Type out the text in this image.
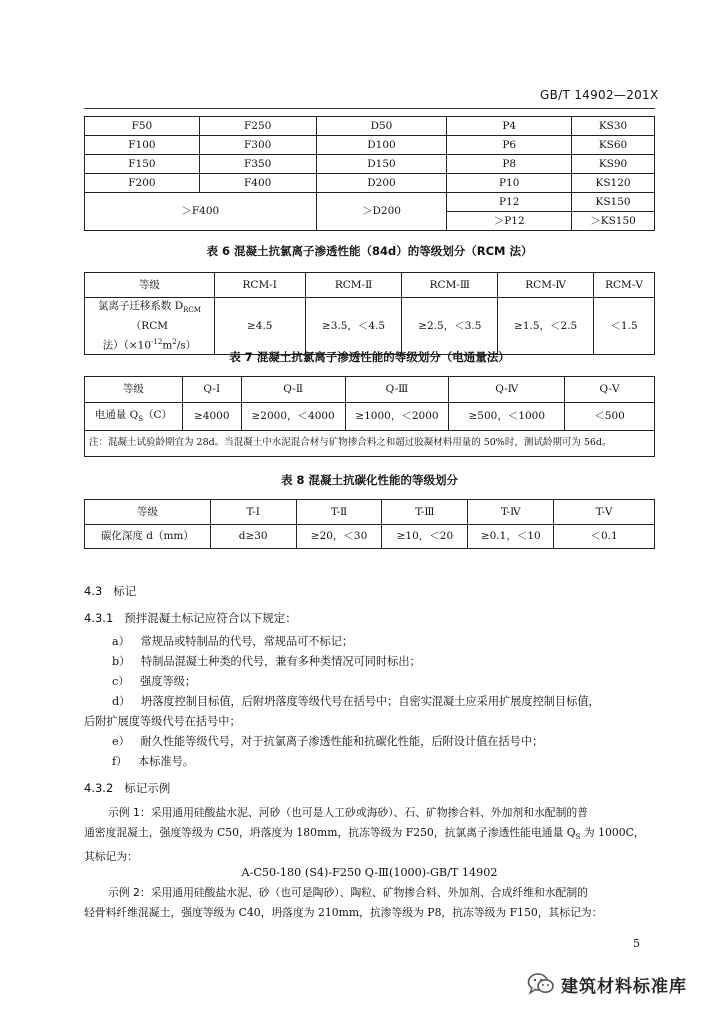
GB/T 14902—201X
F50	F250	D50	P4	KS30
F100	F300	D100	P6	KS60
F150	F350	D150	P8	KS90
F200	F400	D200	P10	KS120
＞F400		＞D200	P12	KS150
			＞P12	＞KS150
表 6 混凝土抗氯离子渗透性能（84d）的等级划分（RCM 法）
等级	RCM-Ⅰ	RCM-Ⅱ	RCM-Ⅲ	RCM-Ⅳ	RCM-Ⅴ
氯离子迁移系数 $D_{RCM}(RCM$
法）$(\times 10^{-12}m^2/s)$	≥4.5	≥3.5，＜4.5	≥2.5，＜3.5	≥1.5，＜2.5	＜1.5
表 7 混凝土抗氯离子渗透性能的等级划分（电通量法）
等级	Q-Ⅰ	Q-Ⅱ	Q-Ⅲ	Q-Ⅳ	Q-Ⅴ
电通量 $Q_S(C)$	≥4000	≥2000，＜4000	≥1000，＜2000	≥500，＜1000	＜500
注：混凝土试验龄期宜为 28d。当混凝土中水泥混合材与矿物掺合料之和超过胶凝材料用量的 50%时，测试龄期可为 56d。					
表 8 混凝土抗碳化性能的等级划分
等级	T-Ⅰ	T-Ⅱ	T-Ⅲ	T-Ⅳ	T-Ⅴ
碳化深度 d（mm）	d≥30	≥20，＜30	≥10，＜20	≥0.1，＜10	＜0.1
4.3 标记
4.3.1 预拌混凝土标记应符合以下规定：
a） 常规品或特制品的代号，常规品可不标记；
b） 特制品混凝土种类的代号，兼有多种类情况可同时标出；
c） 强度等级；
d） 坍落度控制目标值，后附坍落度等级代号在括号中；自密实混凝土应采用扩展度控制目标值，
后附扩展度等级代号在括号中；
e） 耐久性能等级代号，对于抗氯离子渗透性能和抗碳化性能，后附设计值在括号中；
f） 本标准号。
4.3.2 标记示例
示例 1：采用通用硅酸盐水泥、河砂（也可是人工砂或海砂）、石、矿物掺合料、外加剂和水配制的普
通密度混凝土，强度等级为 C50，坍落度为 180mm，抗冻等级为 F250，抗氯离子渗透性能电通量 $Q_S$ 为 1000C，
其标记为：
A-C50-180 (S4)-F250 Q-Ⅲ(1000)-GB/T 14902
示例 2：采用通用硅酸盐水泥、砂（也可是陶砂）、陶粒、矿物掺合料、外加剂、合成纤维和水配制的
轻骨料纤维混凝土，强度等级为 C40，坍落度为 210mm，抗渗等级为 P8，抗冻等级为 F150，其标记为：
5
建筑材料标准库
